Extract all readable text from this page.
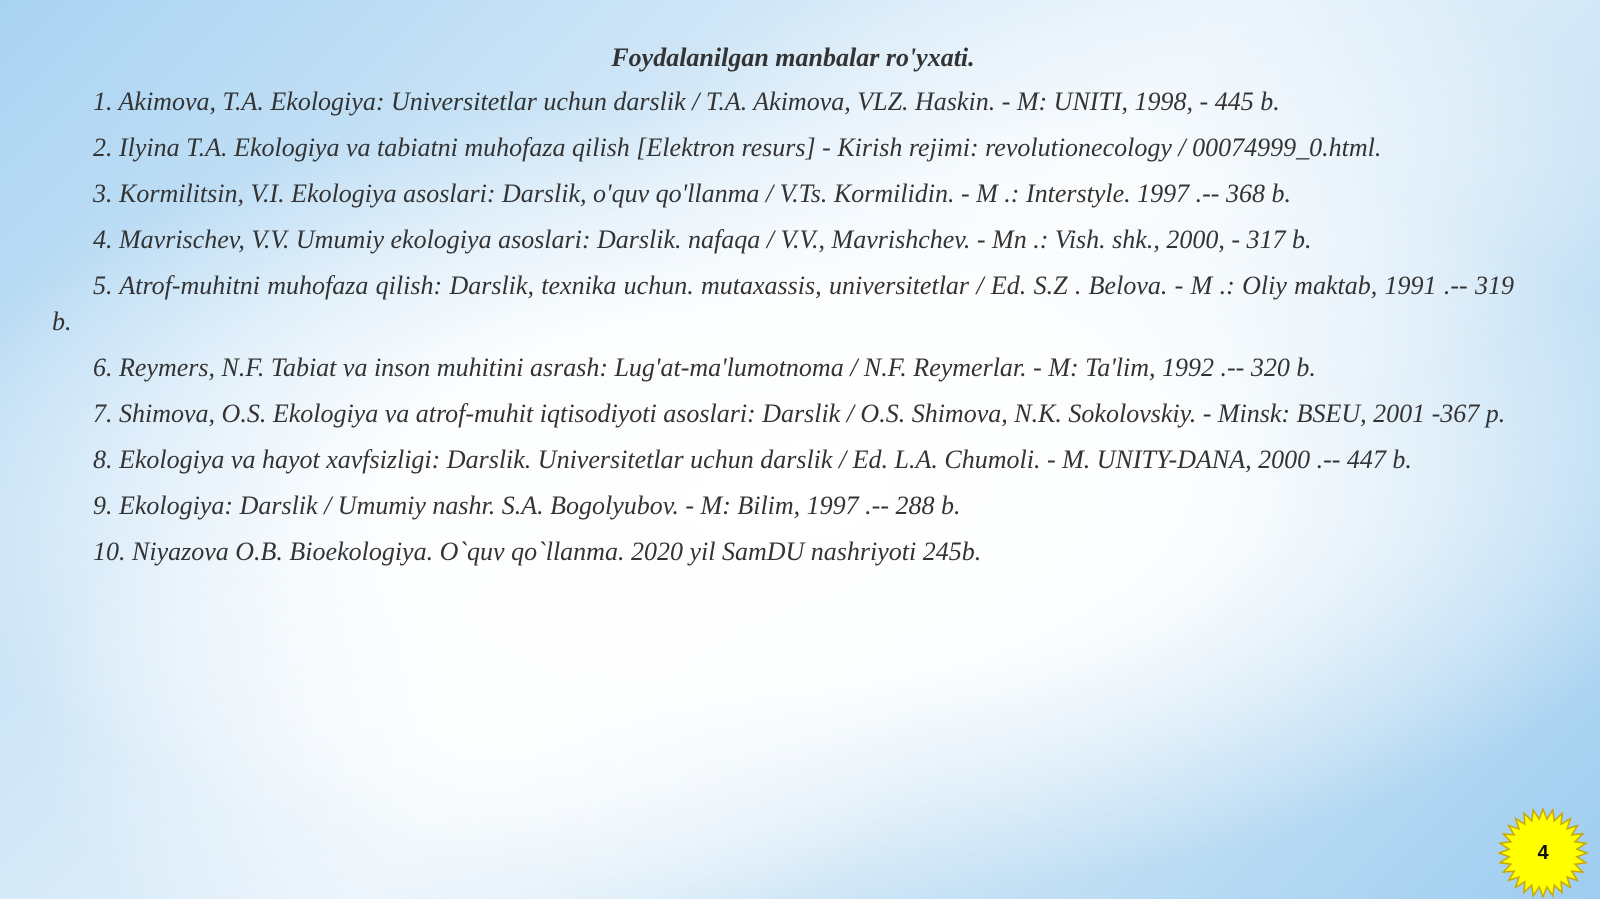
Foydalanilgan manbalar ro'yxati.

1. Akimova, T.A. Ekologiya: Universitetlar uchun darslik / T.A. Akimova, VLZ. Haskin. - M: UNITI, 1998, - 445 b.

2. Ilyina T.A. Ekologiya va tabiatni muhofaza qilish [Elektron resurs] - Kirish rejimi: revolutionecology / 00074999_0.html.

3. Kormilitsin, V.I. Ekologiya asoslari: Darslik, o'quv qo'llanma / V.Ts. Kormilidin. - M .: Interstyle. 1997 .-- 368 b.

4. Mavrischev, V.V. Umumiy ekologiya asoslari: Darslik. nafaqa / V.V., Mavrishchev. - Mn .: Vish. shk., 2000, - 317 b.

5. Atrof-muhitni muhofaza qilish: Darslik, texnika uchun. mutaxassis, universitetlar / Ed. S.Z . Belova. - M .: Oliy maktab, 1991 .-- 319 b.

6. Reymers, N.F. Tabiat va inson muhitini asrash: Lug'at-ma'lumotnoma / N.F. Reymerlar. - M: Ta'lim, 1992 .-- 320 b.

7. Shimova, O.S. Ekologiya va atrof-muhit iqtisodiyoti asoslari: Darslik / O.S. Shimova, N.K. Sokolovskiy. - Minsk: BSEU, 2001 -367 p.

8. Ekologiya va hayot xavfsizligi: Darslik. Universitetlar uchun darslik / Ed. L.A. Chumoli. - M. UNITY-DANA, 2000 .-- 447 b.

9. Ekologiya: Darslik / Umumiy nashr. S.A. Bogolyubov. - M: Bilim, 1997 .-- 288 b.

10. Niyazova O.B. Bioekologiya. O`quv qo`llanma. 2020 yil SamDU nashriyoti 245b.

4
